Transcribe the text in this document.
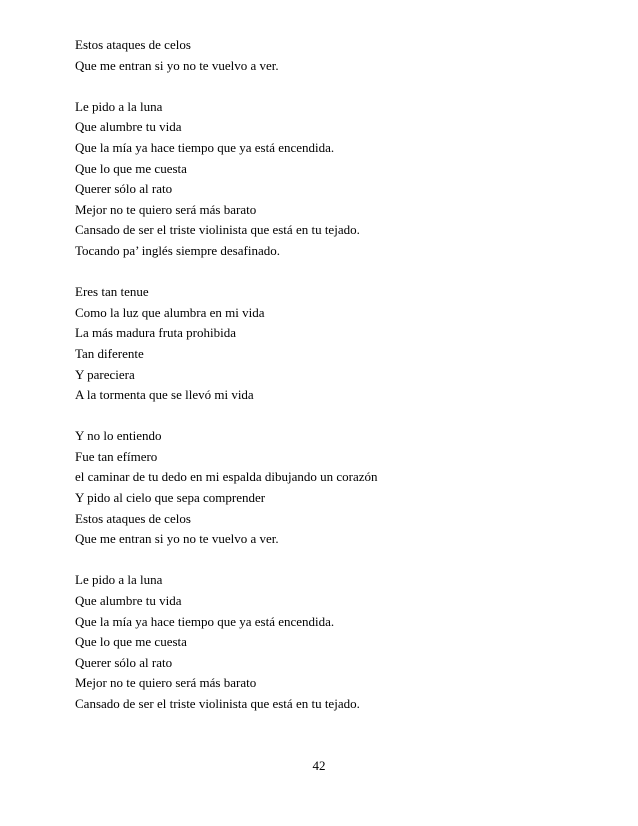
Estos ataques de celos
Que me entran si yo no te vuelvo a ver.
Le pido a la luna
Que alumbre tu vida
Que la mía ya hace tiempo que ya está encendida.
Que lo que me cuesta
Querer sólo al rato
Mejor no te quiero será más barato
Cansado de ser el triste violinista que está en tu tejado.
Tocando pa’ inglés siempre desafinado.
Eres tan tenue
Como la luz que alumbra en mi vida
La más madura fruta prohibida
Tan diferente
Y pareciera
A la tormenta que se llevó mi vida
Y no lo entiendo
Fue tan efímero
el caminar de tu dedo en mi espalda dibujando un corazón
Y pido al cielo que sepa comprender
Estos ataques de celos
Que me entran si yo no te vuelvo a ver.
Le pido a la luna
Que alumbre tu vida
Que la mía ya hace tiempo que ya está encendida.
Que lo que me cuesta
Querer sólo al rato
Mejor no te quiero será más barato
Cansado de ser el triste violinista que está en tu tejado.
42
